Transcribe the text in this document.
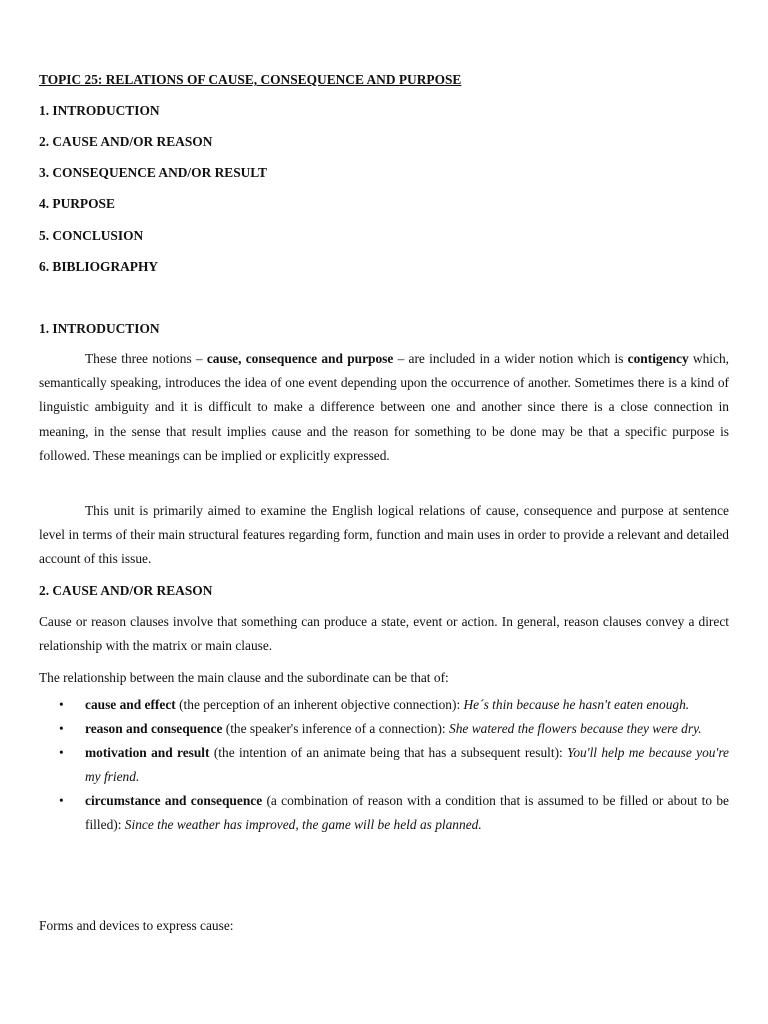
TOPIC 25: RELATIONS OF CAUSE, CONSEQUENCE AND PURPOSE

1. INTRODUCTION

2. CAUSE AND/OR REASON

3. CONSEQUENCE AND/OR RESULT

4. PURPOSE

5. CONCLUSION

6. BIBLIOGRAPHY

1. INTRODUCTION

These three notions – cause, consequence and purpose – are included in a wider notion which is contigency which, semantically speaking, introduces the idea of one event depending upon the occurrence of another. Sometimes there is a kind of linguistic ambiguity and it is difficult to make a difference between one and another since there is a close connection in meaning, in the sense that result implies cause and the reason for something to be done may be that a specific purpose is followed. These meanings can be implied or explicitly expressed.

This unit is primarily aimed to examine the English logical relations of cause, consequence and purpose at sentence level in terms of their main structural features regarding form, function and main uses in order to provide a relevant and detailed account of this issue.

2. CAUSE AND/OR REASON

Cause or reason clauses involve that something can produce a state, event or action. In general, reason clauses convey a direct relationship with the matrix or main clause.

The relationship between the main clause and the subordinate can be that of:

• cause and effect (the perception of an inherent objective connection): He´s thin because he hasn't eaten enough.
• reason and consequence (the speaker's inference of a connection): She watered the flowers because they were dry.
• motivation and result (the intention of an animate being that has a subsequent result): You'll help me because you're my friend.
• circumstance and consequence (a combination of reason with a condition that is assumed to be filled or about to be filled): Since the weather has improved, the game will be held as planned.

Forms and devices to express cause:
